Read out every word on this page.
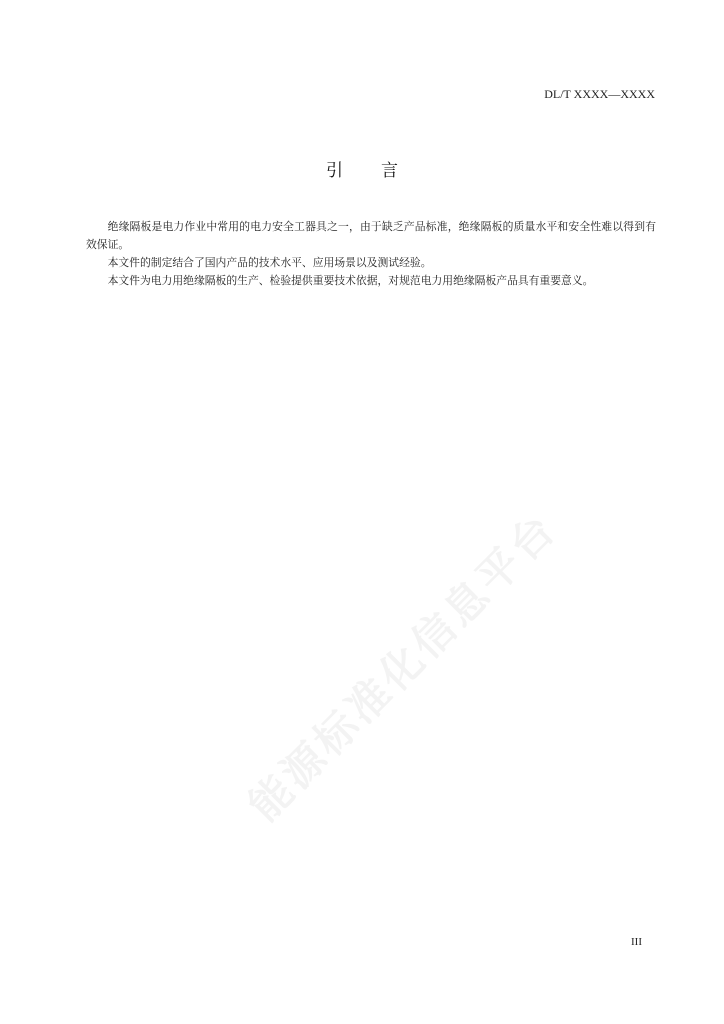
DL/T XXXX—XXXX
引 言

绝缘隔板是电力作业中常用的电力安全工器具之一，由于缺乏产品标准，绝缘隔板的质量水平和安全性难以得到有效保证。

本文件的制定结合了国内产品的技术水平、应用场景以及测试经验。

本文件为电力用绝缘隔板的生产、检验提供重要技术依据，对规范电力用绝缘隔板产品具有重要意义。

能源标准化信息平台
III
